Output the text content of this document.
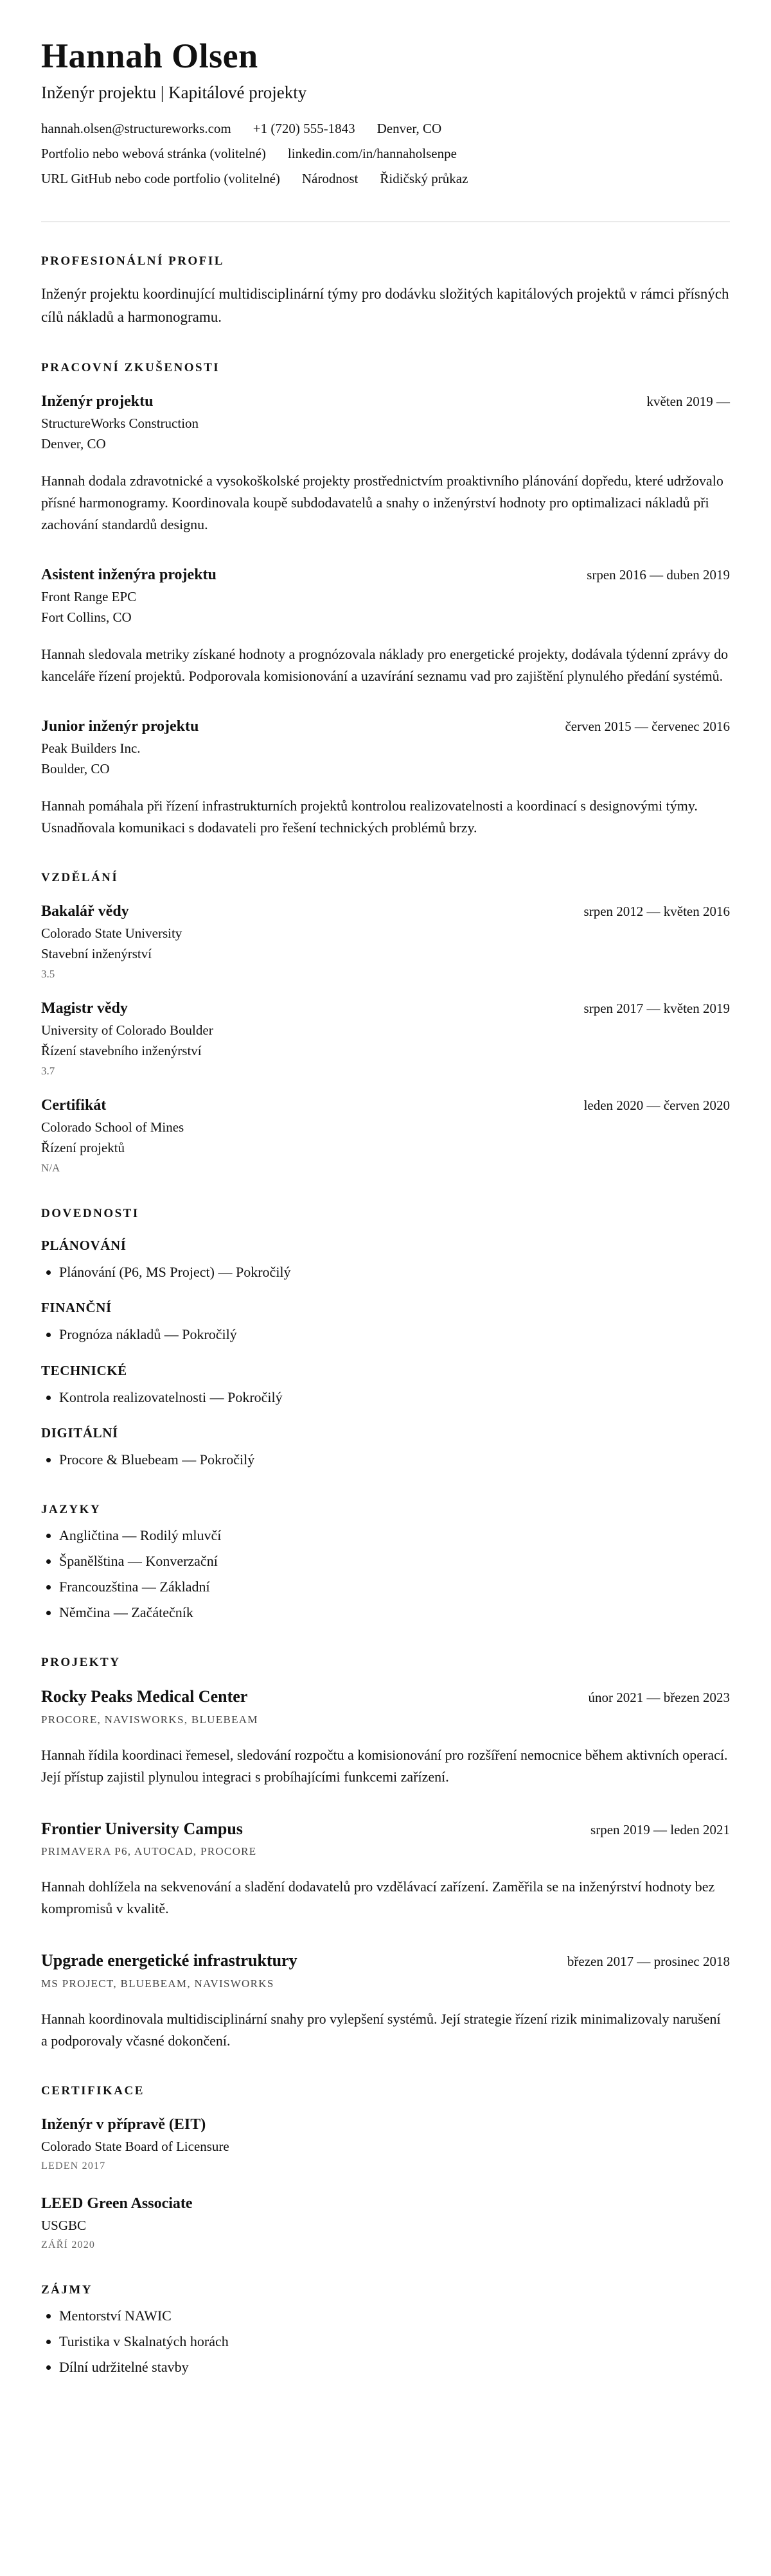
Hannah Olsen
Inženýr projektu | Kapitálové projekty
hannah.olsen@structureworks.com +1 (720) 555-1843 Denver, CO
Portfolio nebo webová stránka (volitelné) linkedin.com/in/hannaholsenpe
URL GitHub nebo code portfolio (volitelné) Národnost Řidičský průkaz
PROFESIONÁLNÍ PROFIL

Inženýr projektu koordinující multidisciplinární týmy pro dodávku složitých kapitálových projektů v rámci přísných cílů nákladů a harmonogramu.

PRACOVNÍ ZKUŠENOSTI
Inženýr projektu	květen 2019 —
StructureWorks Construction
Denver, CO

Hannah dodala zdravotnické a vysokoškolské projekty prostřednictvím proaktivního plánování dopředu, které udržovalo přísné harmonogramy. Koordinovala koupě subdodavatelů a snahy o inženýrství hodnoty pro optimalizaci nákladů při zachování standardů designu.

Asistent inženýra projektu	srpen 2016 — duben 2019
Front Range EPC
Fort Collins, CO

Hannah sledovala metriky získané hodnoty a prognózovala náklady pro energetické projekty, dodávala týdenní zprávy do kanceláře řízení projektů. Podporovala komisionování a uzavírání seznamu vad pro zajištění plynulého předání systémů.

Junior inženýr projektu	červen 2015 — červenec 2016
Peak Builders Inc.
Boulder, CO

Hannah pomáhala při řízení infrastrukturních projektů kontrolou realizovatelnosti a koordinací s designovými týmy. Usnadňovala komunikaci s dodavateli pro řešení technických problémů brzy.

VZDĚLÁNÍ
Bakalář vědy	srpen 2012 — květen 2016
Colorado State University
Stavební inženýrství
3.5
Magistr vědy	srpen 2017 — květen 2019
University of Colorado Boulder
Řízení stavebního inženýrství
3.7
Certifikát	leden 2020 — červen 2020
Colorado School of Mines
Řízení projektů
N/A
DOVEDNOSTI
PLÁNOVÁNÍ
• Plánování (P6, MS Project) — Pokročilý
FINANČNÍ
• Prognóza nákladů — Pokročilý
TECHNICKÉ
• Kontrola realizovatelnosti — Pokročilý
DIGITÁLNÍ
• Procore & Bluebeam — Pokročilý
JAZYKY
• Angličtina — Rodilý mluvčí
• Španělština — Konverzační
• Francouzština — Základní
• Němčina — Začátečník
PROJEKTY
Rocky Peaks Medical Center	únor 2021 — březen 2023
PROCORE, NAVISWORKS, BLUEBEAM

Hannah řídila koordinaci řemesel, sledování rozpočtu a komisionování pro rozšíření nemocnice během aktivních operací. Její přístup zajistil plynulou integraci s probíhajícími funkcemi zařízení.

Frontier University Campus	srpen 2019 — leden 2021
PRIMAVERA P6, AUTOCAD, PROCORE

Hannah dohlížela na sekvenování a sladění dodavatelů pro vzdělávací zařízení. Zaměřila se na inženýrství hodnoty bez kompromisů v kvalitě.

Upgrade energetické infrastruktury	březen 2017 — prosinec 2018
MS PROJECT, BLUEBEAM, NAVISWORKS

Hannah koordinovala multidisciplinární snahy pro vylepšení systémů. Její strategie řízení rizik minimalizovaly narušení a podporovaly včasné dokončení.

CERTIFIKACE
Inženýr v přípravě (EIT)
Colorado State Board of Licensure
LEDEN 2017
LEED Green Associate
USGBC
ZÁŘÍ 2020
ZÁJMY
• Mentorství NAWIC
• Turistika v Skalnatých horách
• Dílní udržitelné stavby
